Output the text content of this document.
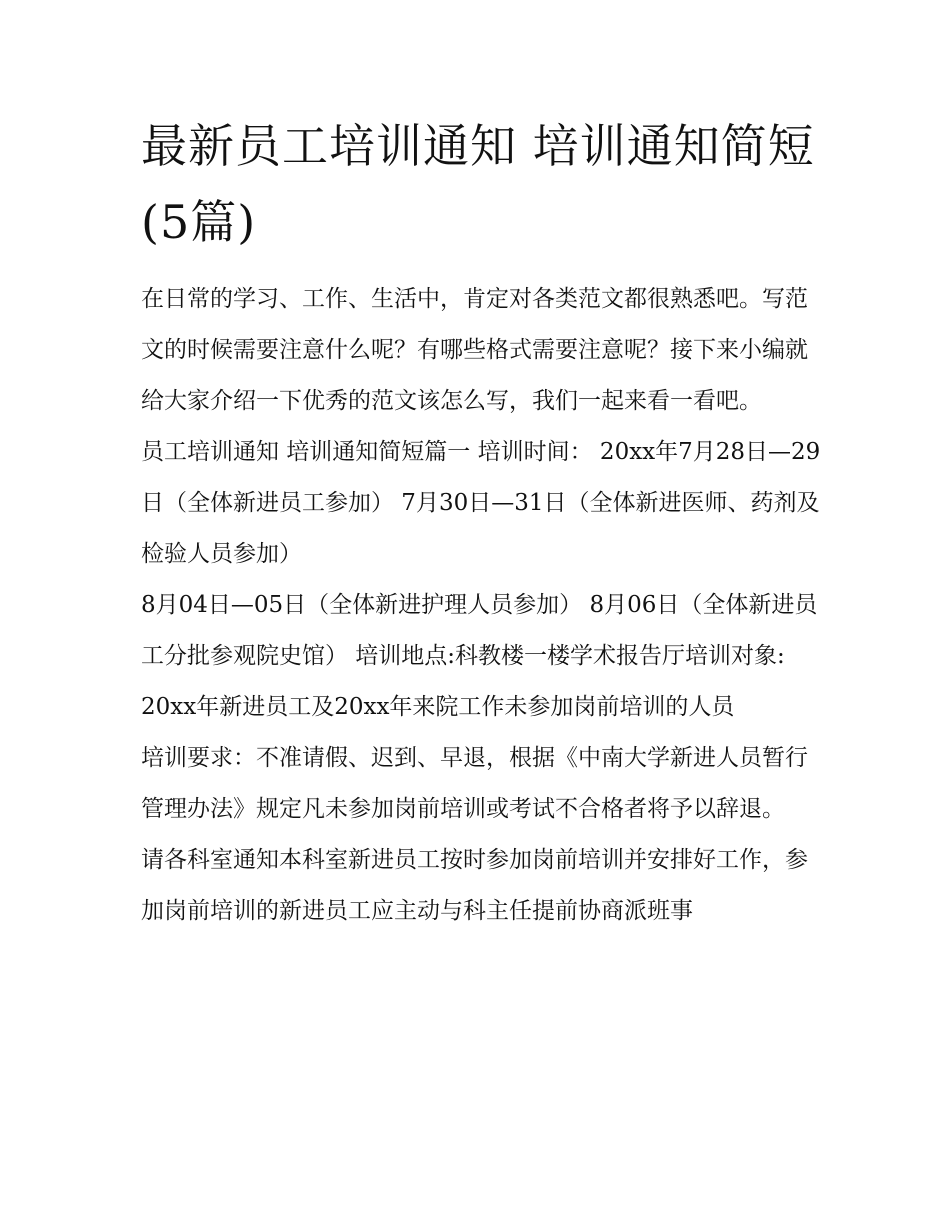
最新员工培训通知 培训通知简短(5篇)

在日常的学习、工作、生活中，肯定对各类范文都很熟悉吧。写范文的时候需要注意什么呢？有哪些格式需要注意呢？接下来小编就给大家介绍一下优秀的范文该怎么写，我们一起来看一看吧。

员工培训通知 培训通知简短篇一 培训时间： 20xx年7月28日—29日（全体新进员工参加） 7月30日—31日（全体新进医师、药剂及检验人员参加）

8月04日—05日（全体新进护理人员参加） 8月06日（全体新进员工分批参观院史馆） 培训地点:科教楼一楼学术报告厅培训对象:

20xx年新进员工及20xx年来院工作未参加岗前培训的人员

培训要求：不准请假、迟到、早退，根据《中南大学新进人员暂行管理办法》规定凡未参加岗前培训或考试不合格者将予以辞退。

请各科室通知本科室新进员工按时参加岗前培训并安排好工作，参加岗前培训的新进员工应主动与科主任提前协商派班事
